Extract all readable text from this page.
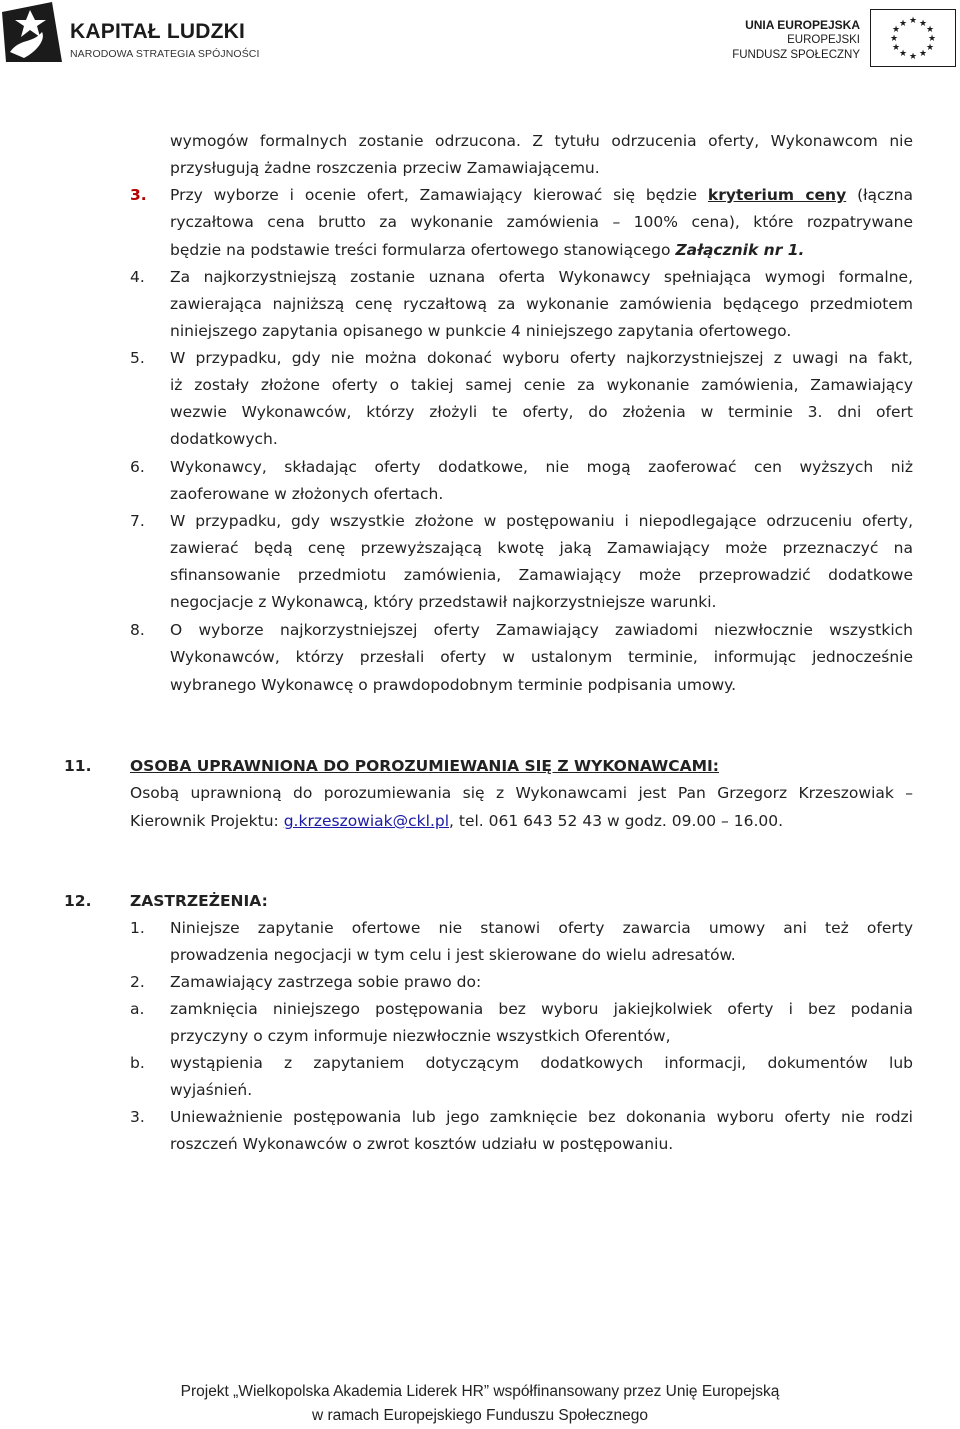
KAPITAŁ LUDZKI
NARODOWA STRATEGIA SPÓJNOŚCI
UNIA EUROPEJSKA
EUROPEJSKI
FUNDUSZ SPOŁECZNY
★ ★
★
★
★
★
★
★
★
★
★
★
wymogów formalnych zostanie odrzucona. Z tytułu odrzucenia oferty, Wykonawcom nie
przysługują żadne roszczenia przeciw Zamawiającemu.
3. Przy wyborze i ocenie ofert, Zamawiający kierować się będzie kryterium ceny (łączna
ryczałtowa cena brutto za wykonanie zamówienia – 100% cena), które rozpatrywane
będzie na podstawie treści formularza ofertowego stanowiącego Załącznik nr 1.
4. Za najkorzystniejszą zostanie uznana oferta Wykonawcy spełniająca wymogi formalne,
zawierająca najniższą cenę ryczałtową za wykonanie zamówienia będącego przedmiotem
niniejszego zapytania opisanego w punkcie 4 niniejszego zapytania ofertowego.
5. W przypadku, gdy nie można dokonać wyboru oferty najkorzystniejszej z uwagi na fakt,
iż zostały złożone oferty o takiej samej cenie za wykonanie zamówienia, Zamawiający
wezwie Wykonawców, którzy złożyli te oferty, do złożenia w terminie 3. dni ofert
dodatkowych.
6. Wykonawcy, składając oferty dodatkowe, nie mogą zaoferować cen wyższych niż
zaoferowane w złożonych ofertach.
7. W przypadku, gdy wszystkie złożone w postępowaniu i niepodlegające odrzuceniu oferty,
zawierać będą cenę przewyższającą kwotę jaką Zamawiający może przeznaczyć na
sfinansowanie przedmiotu zamówienia, Zamawiający może przeprowadzić dodatkowe
negocjacje z Wykonawcą, który przedstawił najkorzystniejsze warunki.
8. O wyborze najkorzystniejszej oferty Zamawiający zawiadomi niezwłocznie wszystkich
Wykonawców, którzy przesłali oferty w ustalonym terminie, informując jednocześnie
wybranego Wykonawcę o prawdopodobnym terminie podpisania umowy.
11. OSOBA UPRAWNIONA DO POROZUMIEWANIA SIĘ Z WYKONAWCAMI:
Osobą uprawnioną do porozumiewania się z Wykonawcami jest Pan Grzegorz Krzeszowiak –
Kierownik Projektu: g.krzeszowiak@ckl.pl, tel. 061 643 52 43 w godz. 09.00 – 16.00.
12. ZASTRZEŻENIA:
1. Niniejsze zapytanie ofertowe nie stanowi oferty zawarcia umowy ani też oferty
prowadzenia negocjacji w tym celu i jest skierowane do wielu adresatów.
2. Zamawiający zastrzega sobie prawo do:
a. zamknięcia niniejszego postępowania bez wyboru jakiejkolwiek oferty i bez podania
przyczyny o czym informuje niezwłocznie wszystkich Oferentów,
b. wystąpienia z zapytaniem dotyczącym dodatkowych informacji, dokumentów lub
wyjaśnień.
3. Unieważnienie postępowania lub jego zamknięcie bez dokonania wyboru oferty nie rodzi
roszczeń Wykonawców o zwrot kosztów udziału w postępowaniu.
Projekt „Wielkopolska Akademia Liderek HR” współfinansowany przez Unię Europejską
w ramach Europejskiego Funduszu Społecznego
